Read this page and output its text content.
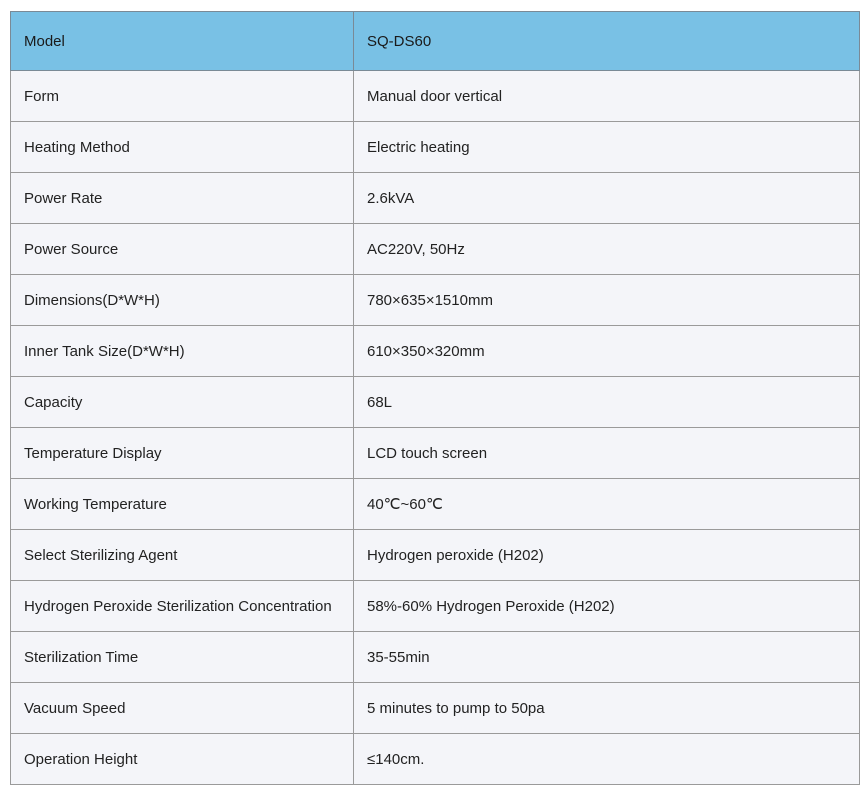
Model	SQ-DS60
Form	Manual door vertical
Heating Method	Electric heating
Power Rate	2.6kVA
Power Source	AC220V, 50Hz
Dimensions(D*W*H)	780×635×1510mm
Inner Tank Size(D*W*H)	610×350×320mm
Capacity	68L
Temperature Display	LCD touch screen
Working Temperature	40℃~60℃
Select Sterilizing Agent	Hydrogen peroxide (H202)
Hydrogen Peroxide Sterilization Concentration	58%-60% Hydrogen Peroxide (H202)
Sterilization Time	35-55min
Vacuum Speed	5 minutes to pump to 50pa
Operation Height	≤140cm.
